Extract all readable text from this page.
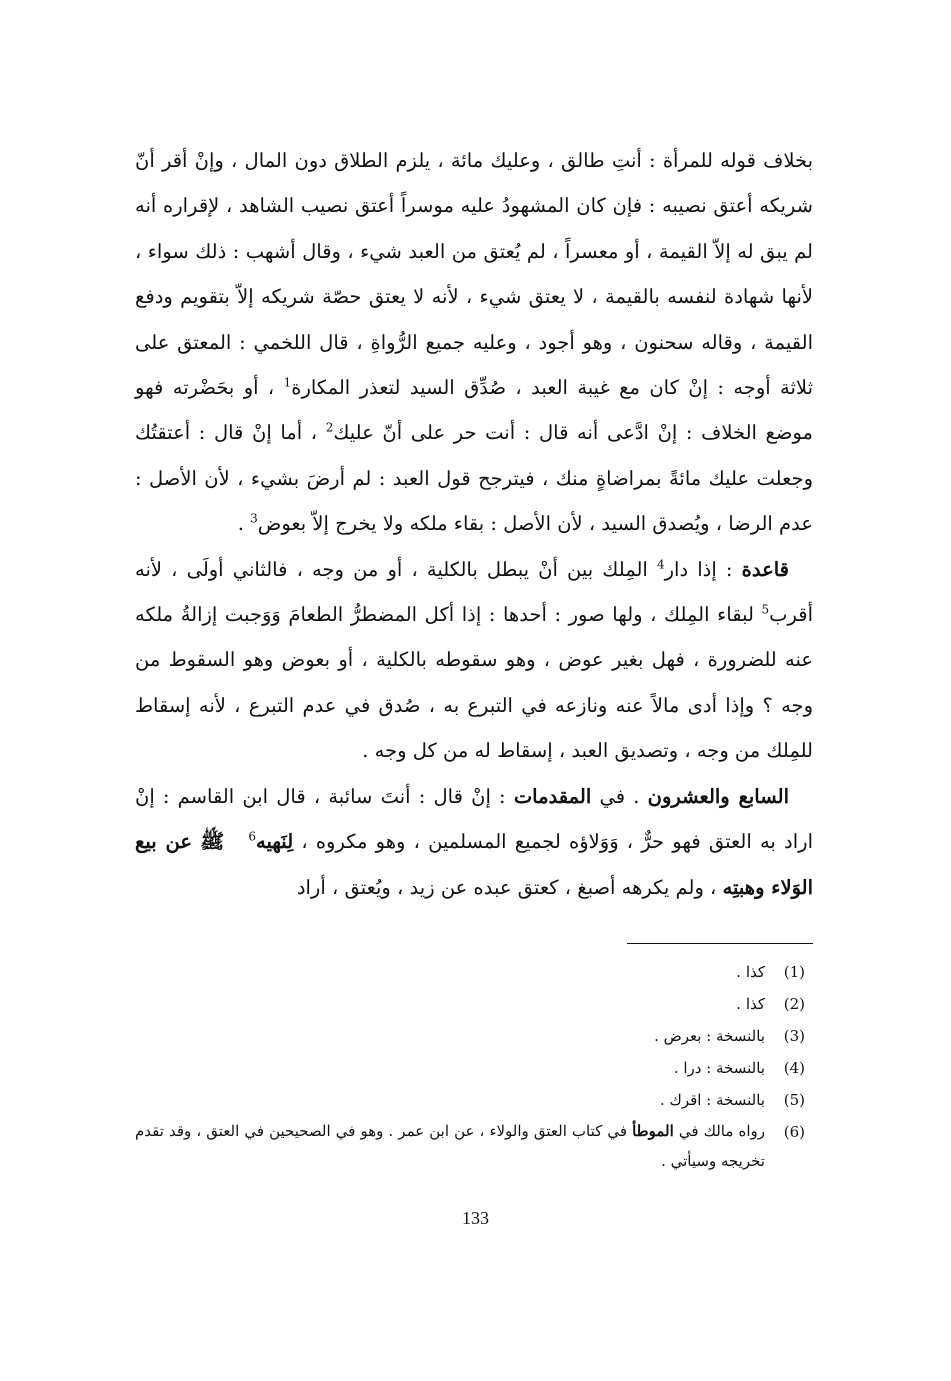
بخلاف قوله للمرأة : أنتِ طالق ، وعليك مائة ، يلزم الطلاق دون المال ، وإنْ أقر أنّ شريكه أعتق نصيبه : فإن كان المشهودُ عليه موسراً أعتق نصيب الشاهد ، لإقراره أنه لم يبق له إلاّ القيمة ، أو معسراً ، لم يُعتق من العبد شيء ، وقال أشهب : ذلك سواء ، لأنها شهادة لنفسه بالقيمة ، لا يعتق شيء ، لأنه لا يعتق حصّة شريكه إلاّ بتقويم ودفع القيمة ، وقاله سحنون ، وهو أجود ، وعليه جميع الرُّواةِ ، قال اللخمي : المعتق على ثلاثة أوجه : إنْ كان مع غيبة العبد ، صُدِّق السيد لتعذر المكارة$^1$ ، أو بحَضْرته فهو موضع الخلاف : إنْ ادَّعى أنه قال : أنت حر على أنّ عليك$^2$ ، أما إنْ قال : أعتقتُك وجعلت عليك مائةً بمراضاةٍ منك ، فيترجح قول العبد : لم أرضَ بشيء ، لأن الأصل : عدم الرضا ، ويُصدق السيد ، لأن الأصل : بقاء ملكه ولا يخرج إلاّ بعوض$^3$ .

قاعدة : إذا دار$^4$ المِلك بين أنْ يبطل بالكلية ، أو من وجه ، فالثاني أولَى ، لأنه أقرب$^5$ لبقاء المِلك ، ولها صور : أحدها : إذا أكل المضطرُّ الطعامَ وَوَجبت إزالةُ ملكه عنه للضرورة ، فهل بغير عوض ، وهو سقوطه بالكلية ، أو بعوض وهو السقوط من وجه ؟ وإذا أدى مالاً عنه ونازعه في التبرع به ، صُدق في عدم التبرع ، لأنه إسقاط للمِلك من وجه ، وتصديق العبد ، إسقاط له من كل وجه .

السابع والعشرون . في المقدمات : إنْ قال : أنتَ سائبة ، قال ابن القاسم : إنْ اراد به العتق فهو حرٌّ ، وَوَلاؤه لجميع المسلمين ، وهو مكروه ، لِنَهيه$^6$ﷺ عن بيع الوَلاء وهبتِه ، ولم يكرهه أصبغ ، كعتق عبده عن زيد ، ويُعتق ، أراد

(1)
كذا .
(2)
كذا .
(3)
بالنسخة : بعرض .
(4)
بالنسخة : درا .
(5)
بالنسخة : اقرك .
(6)
رواه مالك في الموطأ في كتاب العتق والولاء ، عن ابن عمر . وهو في الصحيحين في العتق ، وقد تقدم تخريجه وسيأتي .
133
